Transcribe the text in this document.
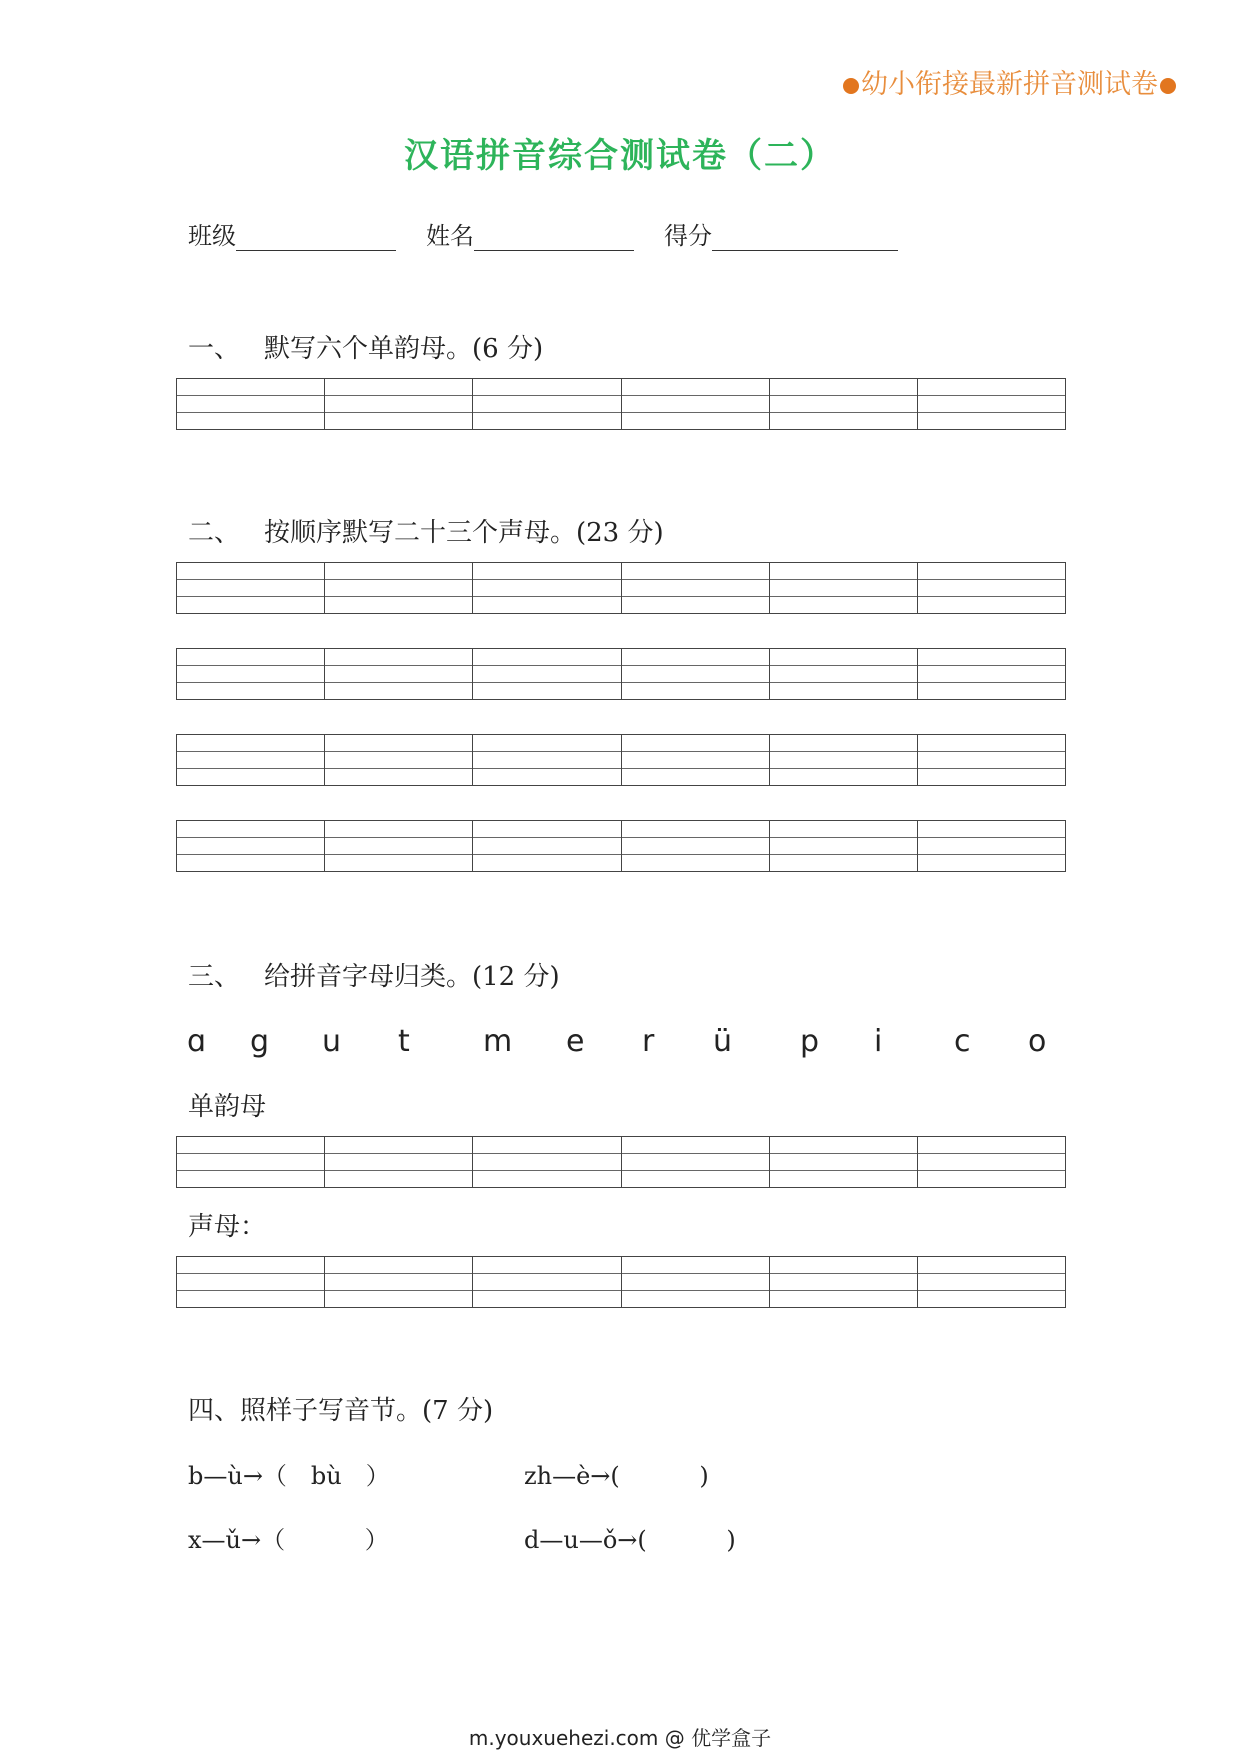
幼小衔接最新拼音测试卷
汉语拼音综合测试卷（二）
班级	姓名	得分
一、 默写六个单韵母。(6 分)
二、 按顺序默写二十三个声母。(23 分)
三、 给拼音字母归类。(12 分)
ɑ g u t m e r ü p i c o
单韵母
声母：
四、照样子写音节。(7 分)
b—ù→（　bù　）	zh—è→(　　　 )
x—ǔ→（　　　 ）	d—u—ǒ→(　　　 )
m.youxuehezi.com @ 优学盒子
